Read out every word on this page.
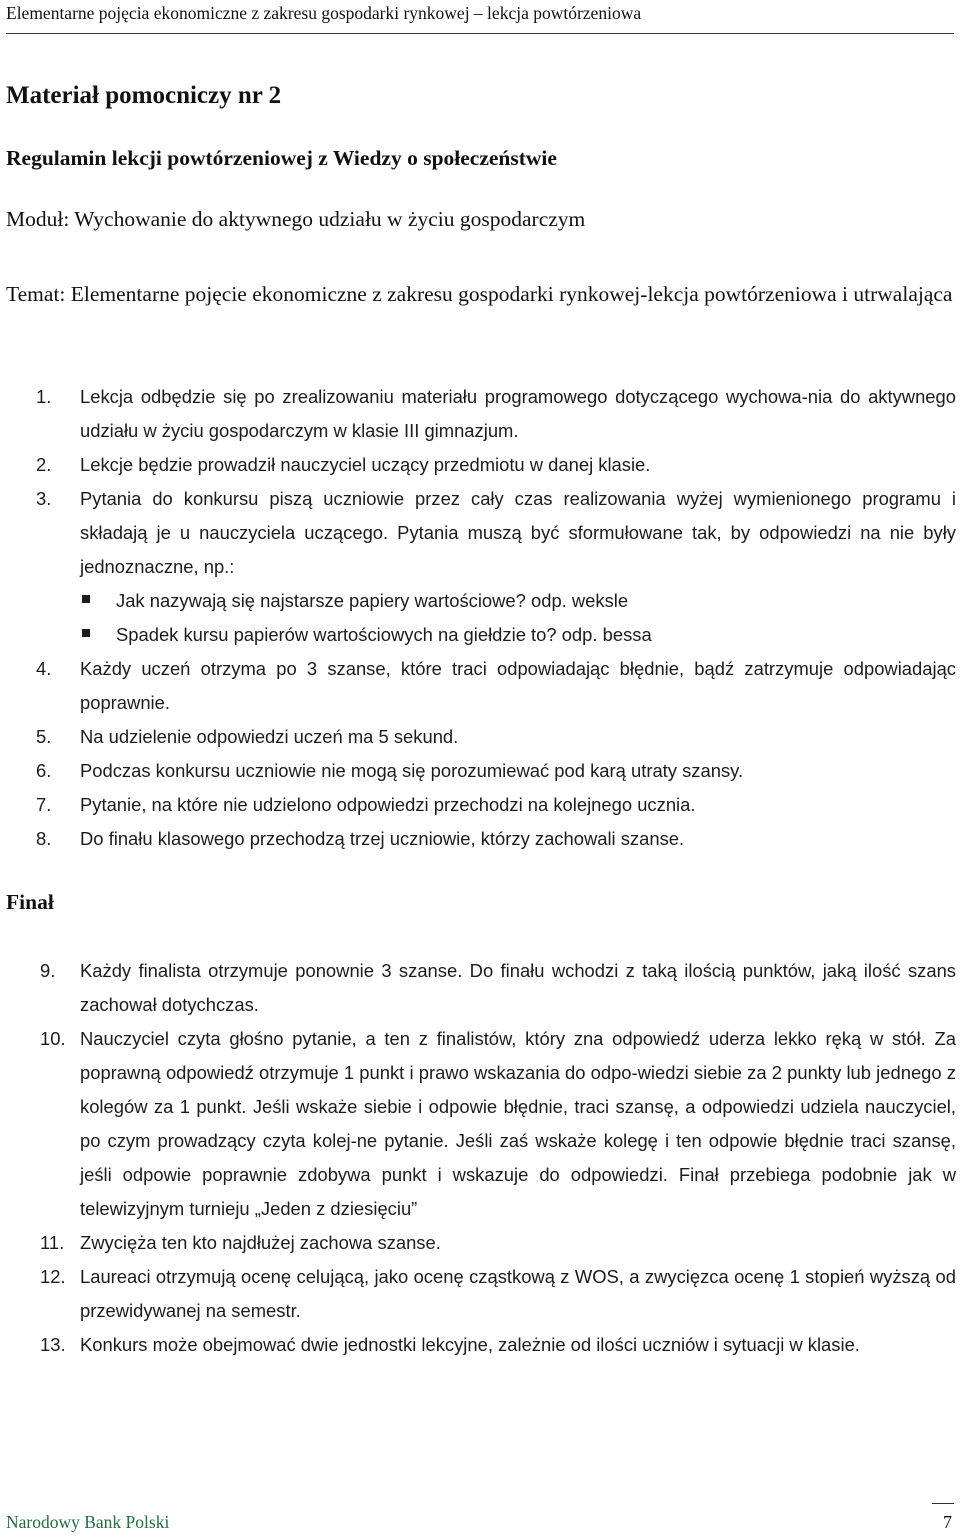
Elementarne pojęcia ekonomiczne z zakresu gospodarki rynkowej – lekcja powtórzeniowa
Materiał pomocniczy nr 2
Regulamin lekcji powtórzeniowej z Wiedzy o społeczeństwie

Moduł: Wychowanie do aktywnego udziału w życiu gospodarczym

Temat: Elementarne pojęcie ekonomiczne z zakresu gospodarki rynkowej-lekcja powtórzeniowa i utrwalająca

1.	Lekcja odbędzie się po zrealizowaniu materiału programowego dotyczącego wychowa-nia do aktywnego udziału w życiu gospodarczym w klasie III gimnazjum.
2.	Lekcje będzie prowadził nauczyciel uczący przedmiotu w danej klasie.
3.	Pytania do konkursu piszą uczniowie przez cały czas realizowania wyżej wymienionego programu i składają je u nauczyciela uczącego. Pytania muszą być sformułowane tak, by odpowiedzi na nie były jednoznaczne, np.:
Jak nazywają się najstarsze papiery wartościowe? odp. weksle
Spadek kursu papierów wartościowych na giełdzie to? odp. bessa
4.	Każdy uczeń otrzyma po 3 szanse, które traci odpowiadając błędnie, bądź zatrzymuje odpowiadając poprawnie.
5.	Na udzielenie odpowiedzi uczeń ma 5 sekund.
6.	Podczas konkursu uczniowie nie mogą się porozumiewać pod karą utraty szansy.
7.	Pytanie, na które nie udzielono odpowiedzi przechodzi na kolejnego ucznia.
8.	Do finału klasowego przechodzą trzej uczniowie, którzy zachowali szanse.
Finał
9.	Każdy finalista otrzymuje ponownie 3 szanse. Do finału wchodzi z taką ilością punktów, jaką ilość szans zachował dotychczas.
10. Nauczyciel czyta głośno pytanie, a ten z finalistów, który zna odpowiedź uderza lekko ręką w stół. Za poprawną odpowiedź otrzymuje 1 punkt i prawo wskazania do odpo-wiedzi siebie za 2 punkty lub jednego z kolegów za 1 punkt. Jeśli wskaże siebie i odpowie błędnie, traci szansę, a odpowiedzi udziela nauczyciel, po czym prowadzący czyta kolej-ne pytanie. Jeśli zaś wskaże kolegę i ten odpowie błędnie traci szansę, jeśli odpowie poprawnie zdobywa punkt i wskazuje do odpowiedzi. Finał przebiega podobnie jak w telewizyjnym turnieju „Jeden z dziesięciu”
11. Zwycięża ten kto najdłużej zachowa szanse.
12. Laureaci otrzymują ocenę celującą, jako ocenę cząstkową z WOS, a zwycięzca ocenę 1 stopień wyższą od przewidywanej na semestr.
13. Konkurs może obejmować dwie jednostki lekcyjne, zależnie od ilości uczniów i sytuacji w klasie.
Narodowy Bank Polski	7
